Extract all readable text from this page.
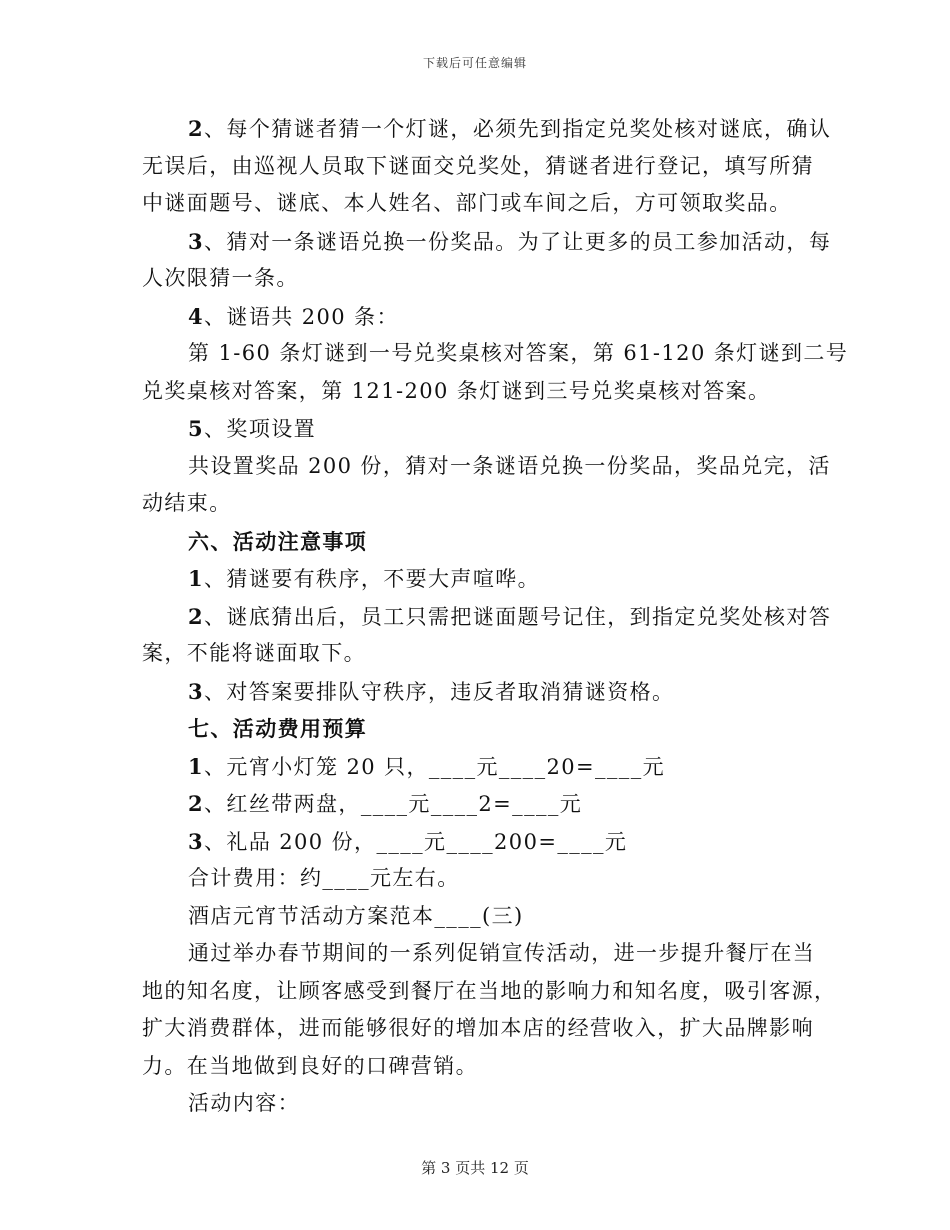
下载后可任意编辑
2、每个猜谜者猜一个灯谜，必须先到指定兑奖处核对谜底，确认
无误后，由巡视人员取下谜面交兑奖处，猜谜者进行登记，填写所猜
中谜面题号、谜底、本人姓名、部门或车间之后，方可领取奖品。
3、猜对一条谜语兑换一份奖品。为了让更多的员工参加活动，每
人次限猜一条。
4、谜语共 200 条：
第 1-60 条灯谜到一号兑奖桌核对答案，第 61-120 条灯谜到二号
兑奖桌核对答案，第 121-200 条灯谜到三号兑奖桌核对答案。
5、奖项设置
共设置奖品 200 份，猜对一条谜语兑换一份奖品，奖品兑完，活
动结束。
六、活动注意事项
1、猜谜要有秩序，不要大声喧哗。
2、谜底猜出后，员工只需把谜面题号记住，到指定兑奖处核对答
案，不能将谜面取下。
3、对答案要排队守秩序，违反者取消猜谜资格。
七、活动费用预算
1、元宵小灯笼 20 只，____元____20=____元
2、红丝带两盘，____元____2=____元
3、礼品 200 份，____元____200=____元
合计费用：约____元左右。
酒店元宵节活动方案范本____(三)
通过举办春节期间的一系列促销宣传活动，进一步提升餐厅在当
地的知名度，让顾客感受到餐厅在当地的影响力和知名度，吸引客源，
扩大消费群体，进而能够很好的增加本店的经营收入，扩大品牌影响
力。在当地做到良好的口碑营销。
活动内容：
第 3 页共 12 页
